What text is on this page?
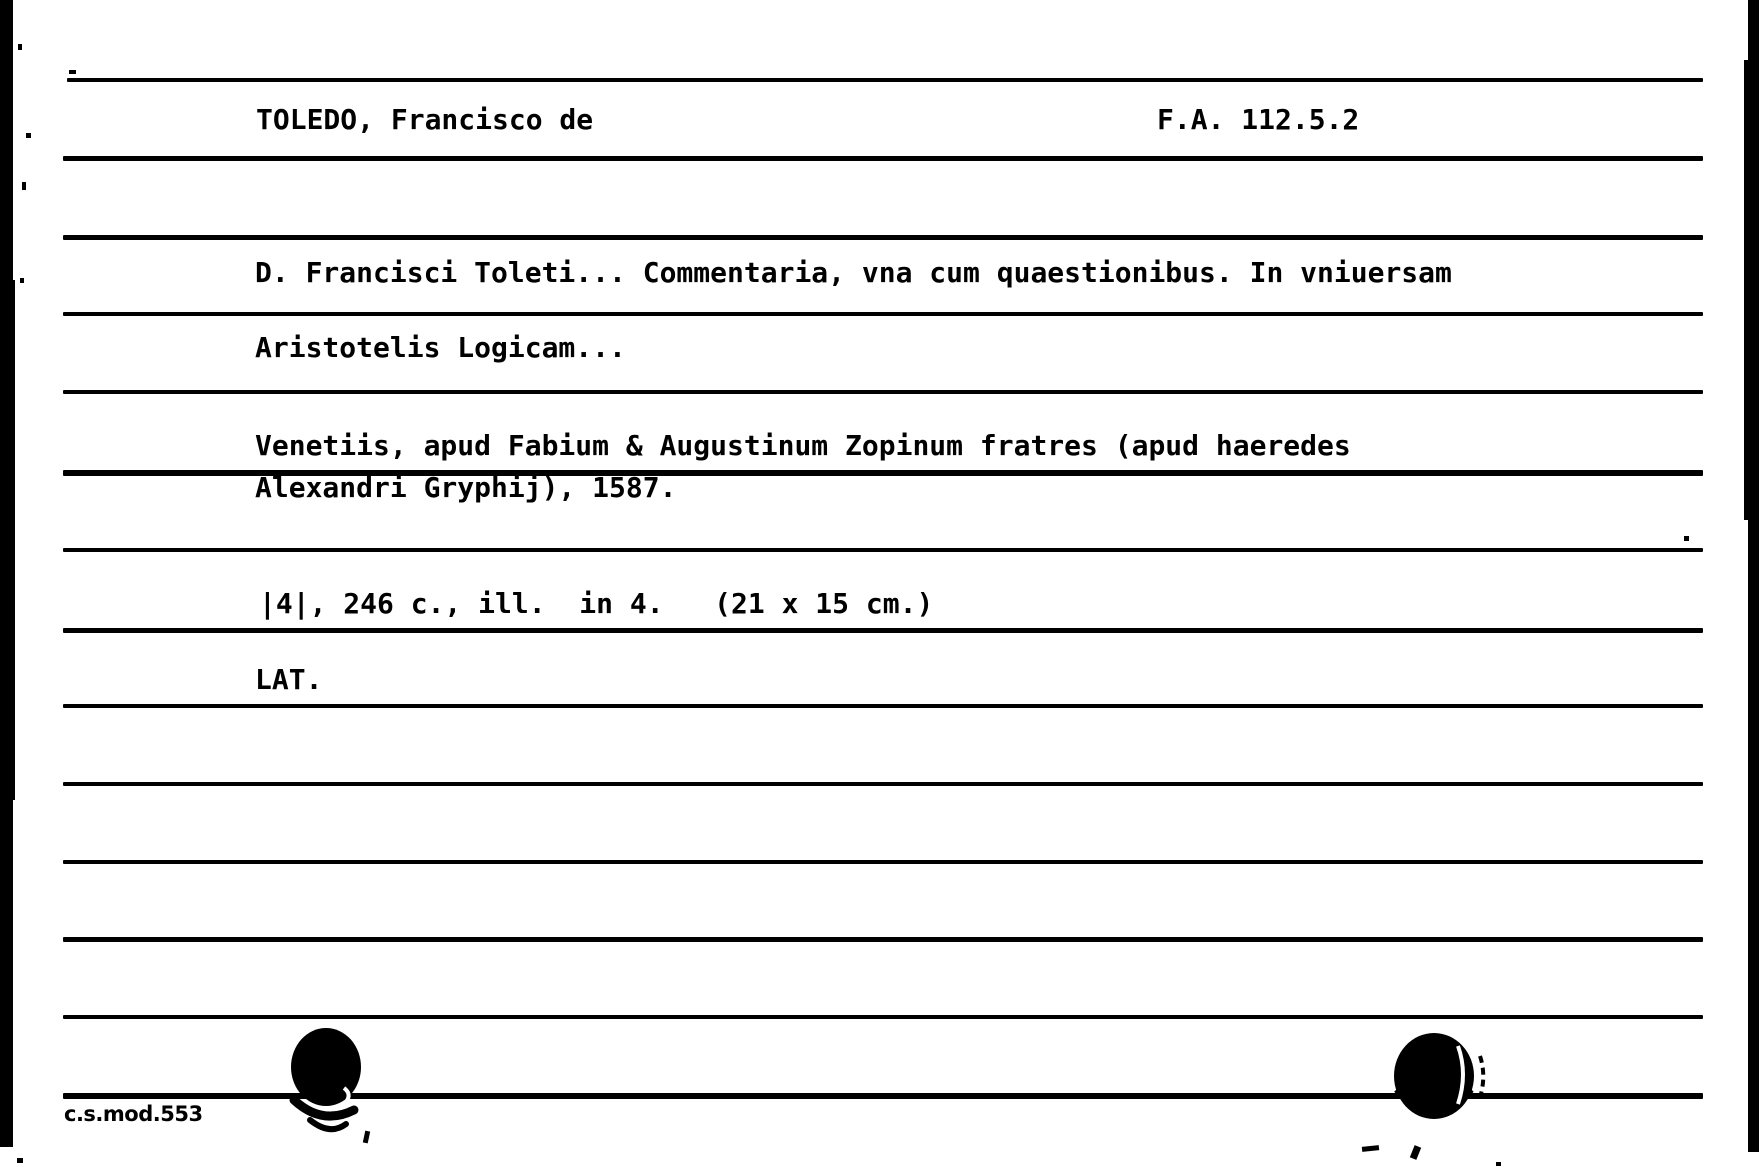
TOLEDO, Francisco de	F.A. 112.5.2
D. Francisci Toleti... Commentaria, vna cum quaestionibus. In vniuersam
Aristotelis Logicam...
Venetiis, apud Fabium & Augustinum Zopinum fratres (apud haeredes
Alexandri Gryphij), 1587.
|4|, 246 c., ill.  in 4.   (21 x 15 cm.)
LAT.
c.s.mod.553
